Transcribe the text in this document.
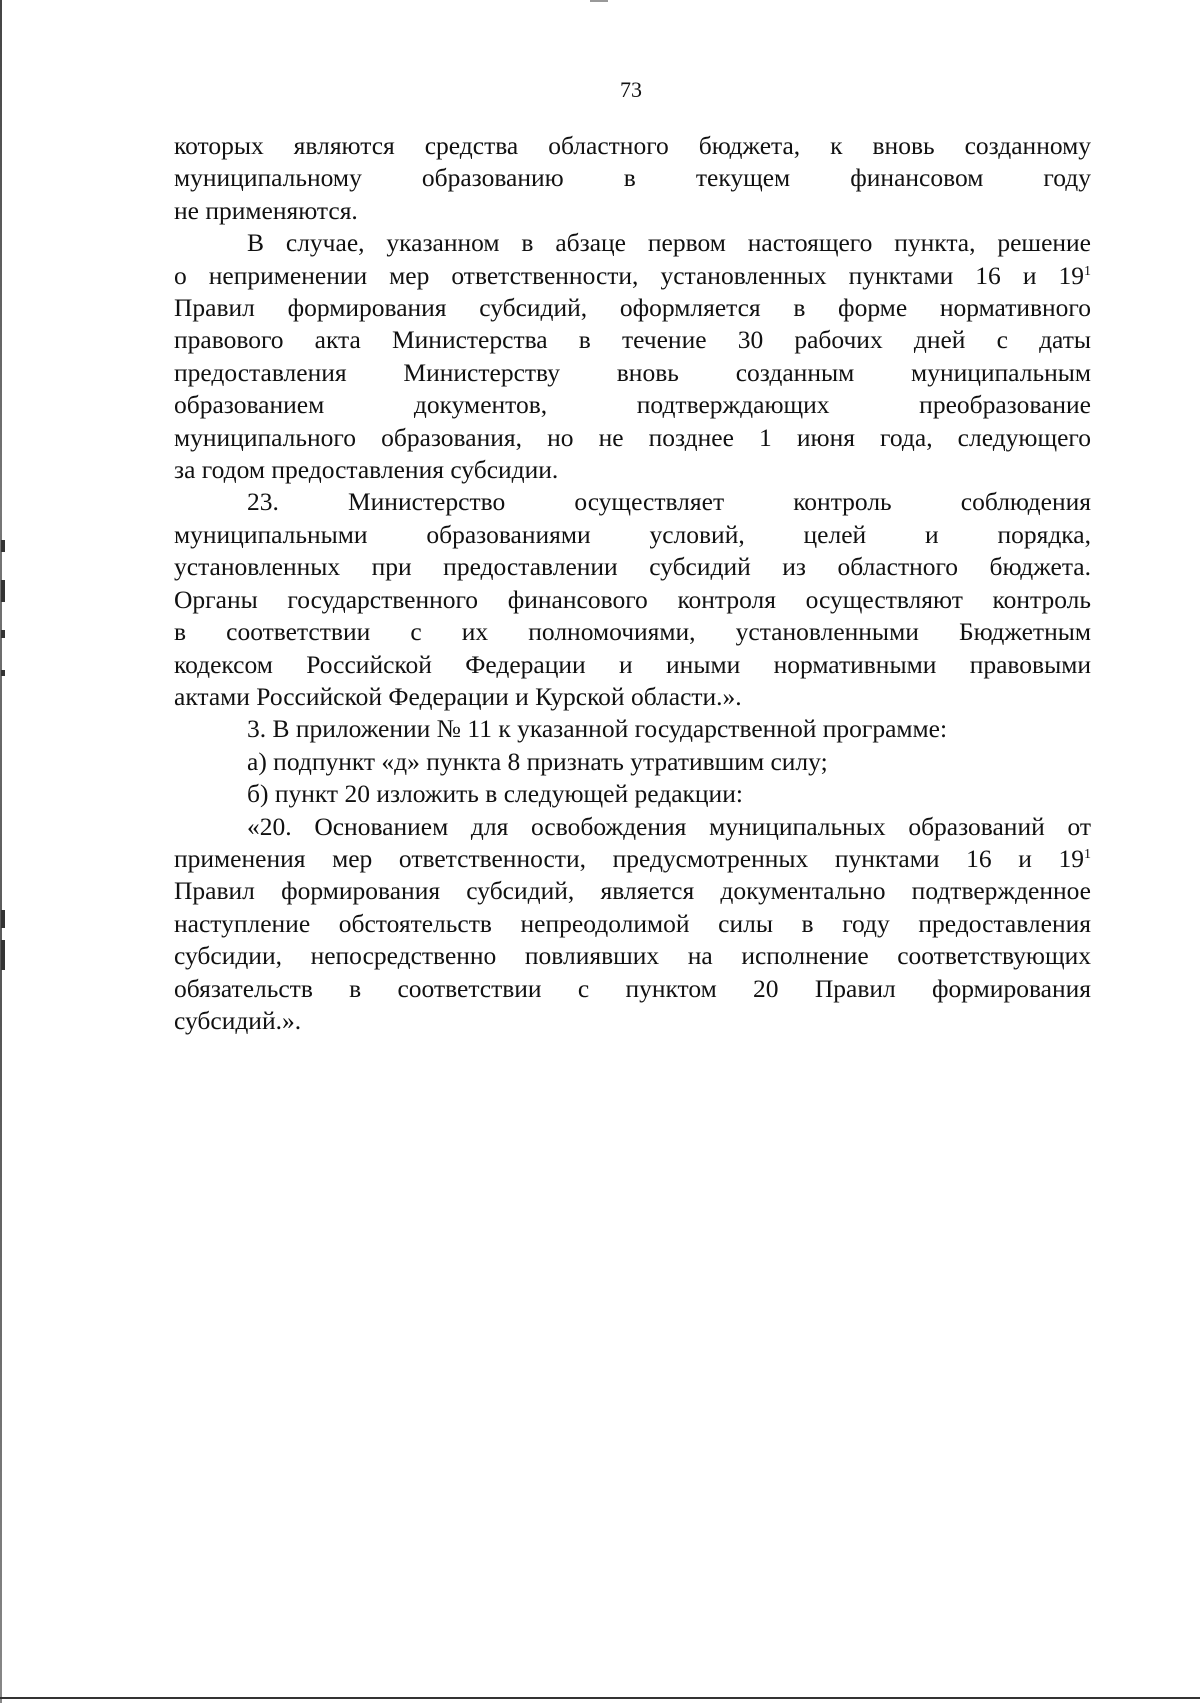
73

которых являются средства областного бюджета, к вновь созданному
муниципальному образованию в текущем финансовом году
не применяются.

В случае, указанном в абзаце первом настоящего пункта, решение
о неприменении мер ответственности, установленных пунктами 16 и $19^1$
Правил формирования субсидий, оформляется в форме нормативного
правового акта Министерства в течение 30 рабочих дней с даты
предоставления Министерству вновь созданным муниципальным
образованием документов, подтверждающих преобразование
муниципального образования, но не позднее 1 июня года, следующего
за годом предоставления субсидии.

23. Министерство осуществляет контроль соблюдения
муниципальными образованиями условий, целей и порядка,
установленных при предоставлении субсидий из областного бюджета.
Органы государственного финансового контроля осуществляют контроль
в соответствии с их полномочиями, установленными Бюджетным
кодексом Российской Федерации и иными нормативными правовыми
актами Российской Федерации и Курской области.».

3. В приложении № 11 к указанной государственной программе:

а) подпункт «д» пункта 8 признать утратившим силу;

б) пункт 20 изложить в следующей редакции:

«20. Основанием для освобождения муниципальных образований от
применения мер ответственности, предусмотренных пунктами 16 и $19^1$
Правил формирования субсидий, является документально подтвержденное
наступление обстоятельств непреодолимой силы в году предоставления
субсидии, непосредственно повлиявших на исполнение соответствующих
обязательств в соответствии с пунктом 20 Правил формирования
субсидий.».
